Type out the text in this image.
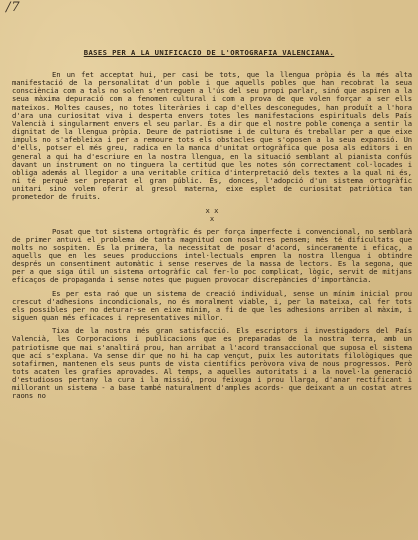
/7
BASES PER A LA UNIFICACIO DE L'ORTOGRAFIA VALENCIANA.

En un fet acceptat hui, per casi be tots, que la llengua pròpia és la més alta manifestació de la personalitat d'un poble i que aquells pobles que han recobrat la seua consciència com a tals no solen s'entreguen a l'ús del seu propi parlar, sinó que aspiren a la seua màxima depuració com a fenomen cultural i com a prova de que volen forçar a ser ells mateixos. Moltes causes, no totes literàries i cap d'elles desconegudes, han produït a l'hora d'ara una curiositat viva i desperta envers totes les manifestacions espirituals dels País Valencià i singularment envers el seu parlar. És a dir que el nostre poble comença a sentir la dignitat de la llengua pròpia. Deure de patriotisme i de cultura és treballar per a que eixe impuls no s'afebleixa i per a remoure tots els obstacles que s'oposen a la seua expansió. Un d'ells, potser el més greu, radica en la manca d'unitat ortogràfica que posa als editors i en general a qui ha d'escriure en la nostra llengua, en la situació semblant al pianista confús davant un instrument on no tinguera la certitud que les notes són correctament col·locades i obliga además al llegidor a una veritable crítica d'interpretació dels textes a la qual ni és, ni té perquè ser preparat el gran públic. És, donces, l'adopció d'un sistema ortogràfic unitari sino volem oferir al gresol materna, eixe esplet de curiositat patriòtica tan prometedor de fruits.

x x
x

Posat que tot sistema ortogràfic és per força imperfecte i convencional, no semblarà de primer antuvi el problema de tanta magnitud com nosaltres pensem; més té dificultats que molts no sospiten. És la primera, la necessitat de posar d'acord, sinceramente i eficaç, a aquells que en les seues produccions intel·lectuals empren la nostra llengua i obtindre després un consentiment automàtic i sense reserves de la massa de lectors. Es la segona, que per a que siga útil un sistema ortogràfic cal fer-lo poc complicat, lògic, servit de mitjans eficaços de propaganda i sense notes que puguen provocar discrepàncies d'importància.

Es per esta raó que un sistema de creació individual, sense un mínim inicial prou crescut d'adhesions incondicionals, no és moralment viable, i, per la mateixa, cal fer tots els possibles per no deturar-se en eixe mínim, a fi de que les adhesions arriben al màxim, i siguen quan més eficaces i representatives millor.

Tixa de la nostra més gran satisfacció. Els escriptors i investigadors del País Valencià, les Corporacions i publicacions que es preparadas de la nostra terra, amb un patriotisme que mai s'analtirá prou, han arribat a l'acord transaccional que suposa el sistema que ací s'explana. Va sense dir que no hi ha cap vençut, puix les autoritats filològiques que sotafirmen, mantenen els seus punts de vista científics peròvora viva de nous progressos. Però tots acaten les grafies aprovades. Al temps, a aquelles autoritats i a la novel·la generació d'estudiosos pertany la cura i la missió, prou feixuga i prou llarga, d'anar rectificant i millorant un sistema - a base també naturalment d'amples acords- que deixant a un costat atres raons no
